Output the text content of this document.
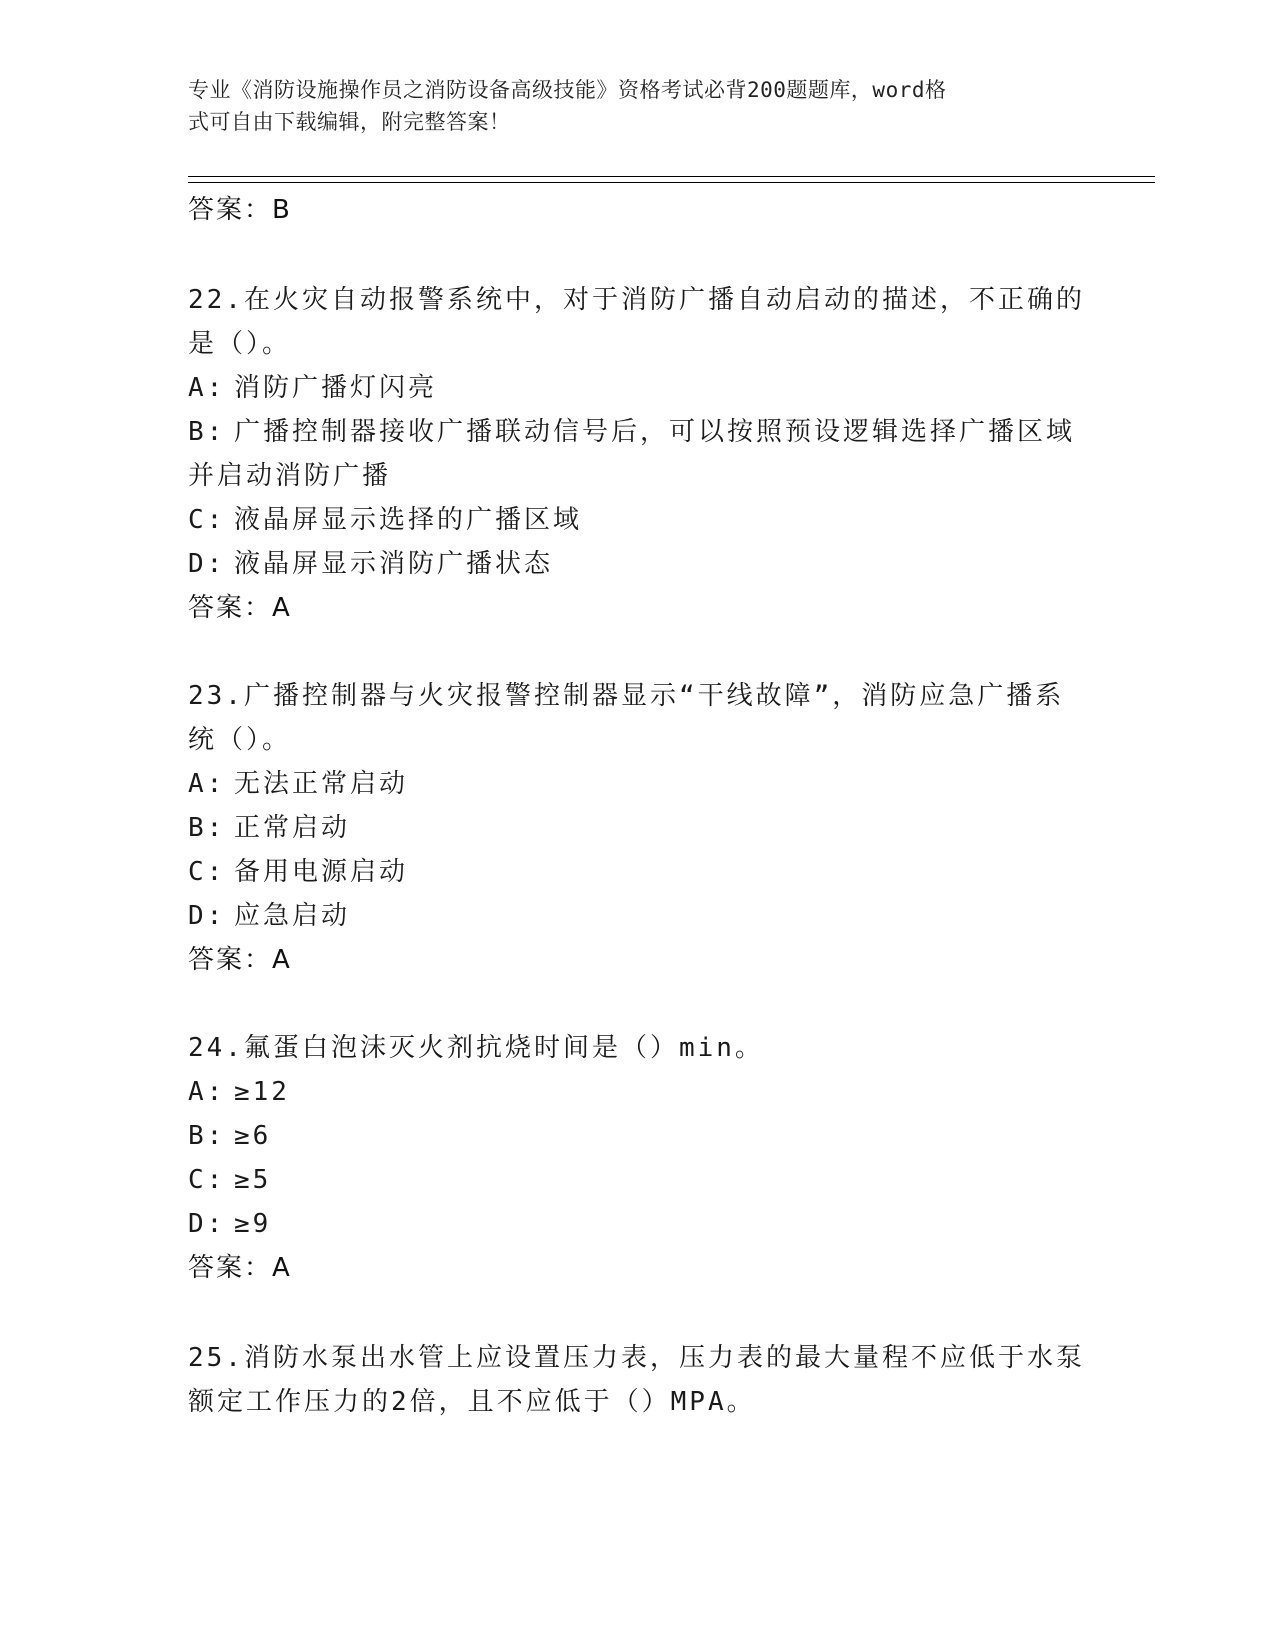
专业《消防设施操作员之消防设备高级技能》资格考试必背200题题库，word格
式可自由下载编辑，附完整答案！
答案：B
22.在火灾自动报警系统中，对于消防广播自动启动的描述，不正确的
是（）。
A: 消防广播灯闪亮
B: 广播控制器接收广播联动信号后，可以按照预设逻辑选择广播区域
并启动消防广播
C: 液晶屏显示选择的广播区域
D: 液晶屏显示消防广播状态
答案：A
23.广播控制器与火灾报警控制器显示“干线故障”，消防应急广播系
统（）。
A: 无法正常启动
B: 正常启动
C: 备用电源启动
D: 应急启动
答案：A
24.氟蛋白泡沫灭火剂抗烧时间是（）min。
A: ≥12
B: ≥6
C: ≥5
D: ≥9
答案：A
25.消防水泵出水管上应设置压力表，压力表的最大量程不应低于水泵
额定工作压力的2倍，且不应低于（）MPA。
